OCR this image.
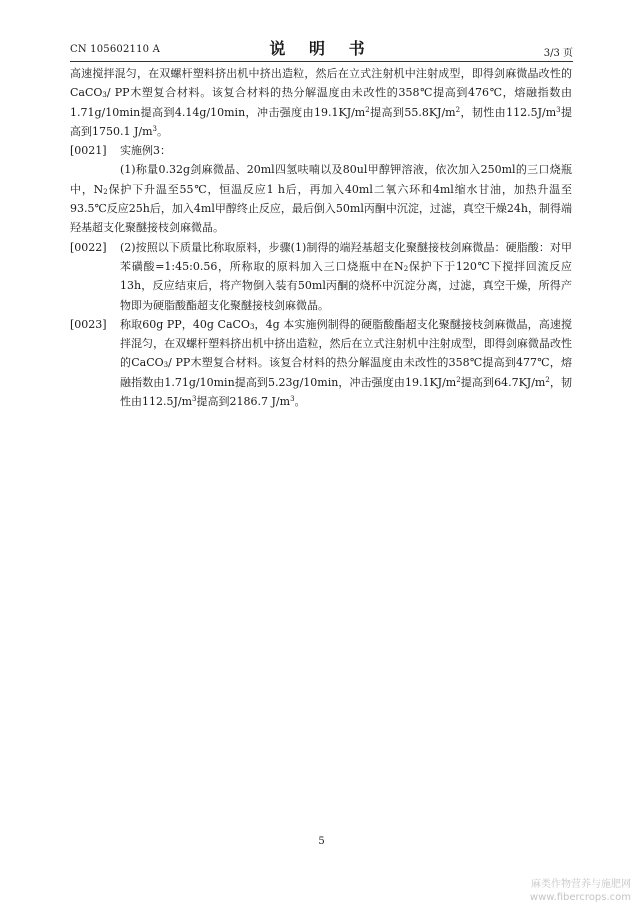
CN 105602110 A	说 明 书	3/3 页

高速搅拌混匀，在双螺杆塑料挤出机中挤出造粒，然后在立式注射机中注射成型，即得剑麻微晶改性的CaCO$_3$/ PP木塑复合材料。该复合材料的热分解温度由未改性的358℃提高到476℃，熔融指数由1.71g/10min提高到4.14g/10min，冲击强度由$19.1KJ/m^2$提高到$55.8KJ/m^2$，韧性由$112.5J/m^3$提高到1750.1 $J/m^3$。

[0021]	实施例3：

(1)称量0.32g剑麻微晶、20ml四氢呋喃以及80ul甲醇钾溶液，依次加入250ml的三口烧瓶中，$N_2$保护下升温至55℃，恒温反应1 h后，再加入40ml二氧六环和4ml缩水甘油，加热升温至93.5℃反应25h后，加入4ml甲醇终止反应，最后倒入50ml丙酮中沉淀，过滤，真空干燥24h，制得端羟基超支化聚醚接枝剑麻微晶。

[0022]	(2)按照以下质量比称取原料，步骤(1)制得的端羟基超支化聚醚接枝剑麻微晶：硬脂酸：对甲苯磺酸=1:45:0.56，所称取的原料加入三口烧瓶中在$N_2$保护下于120℃下搅拌回流反应13h，反应结束后，将产物倒入装有50ml丙酮的烧杯中沉淀分离，过滤，真空干燥，所得产物即为硬脂酸酯超支化聚醚接枝剑麻微晶。

[0023]	称取60g PP，40g CaCO$_3$，4g 本实施例制得的硬脂酸酯超支化聚醚接枝剑麻微晶，高速搅拌混匀，在双螺杆塑料挤出机中挤出造粒，然后在立式注射机中注射成型，即得剑麻微晶改性的CaCO$_3$/ PP木塑复合材料。该复合材料的热分解温度由未改性的358℃提高到477℃，熔融指数由1.71g/10min提高到5.23g/10min，冲击强度由$19.1KJ/m^2$提高到$64.7KJ/m^2$，韧性由$112.5J/m^3$提高到2186.7 $J/m^3$。

5
麻类作物营养与施肥网
www.fibercrops.com
